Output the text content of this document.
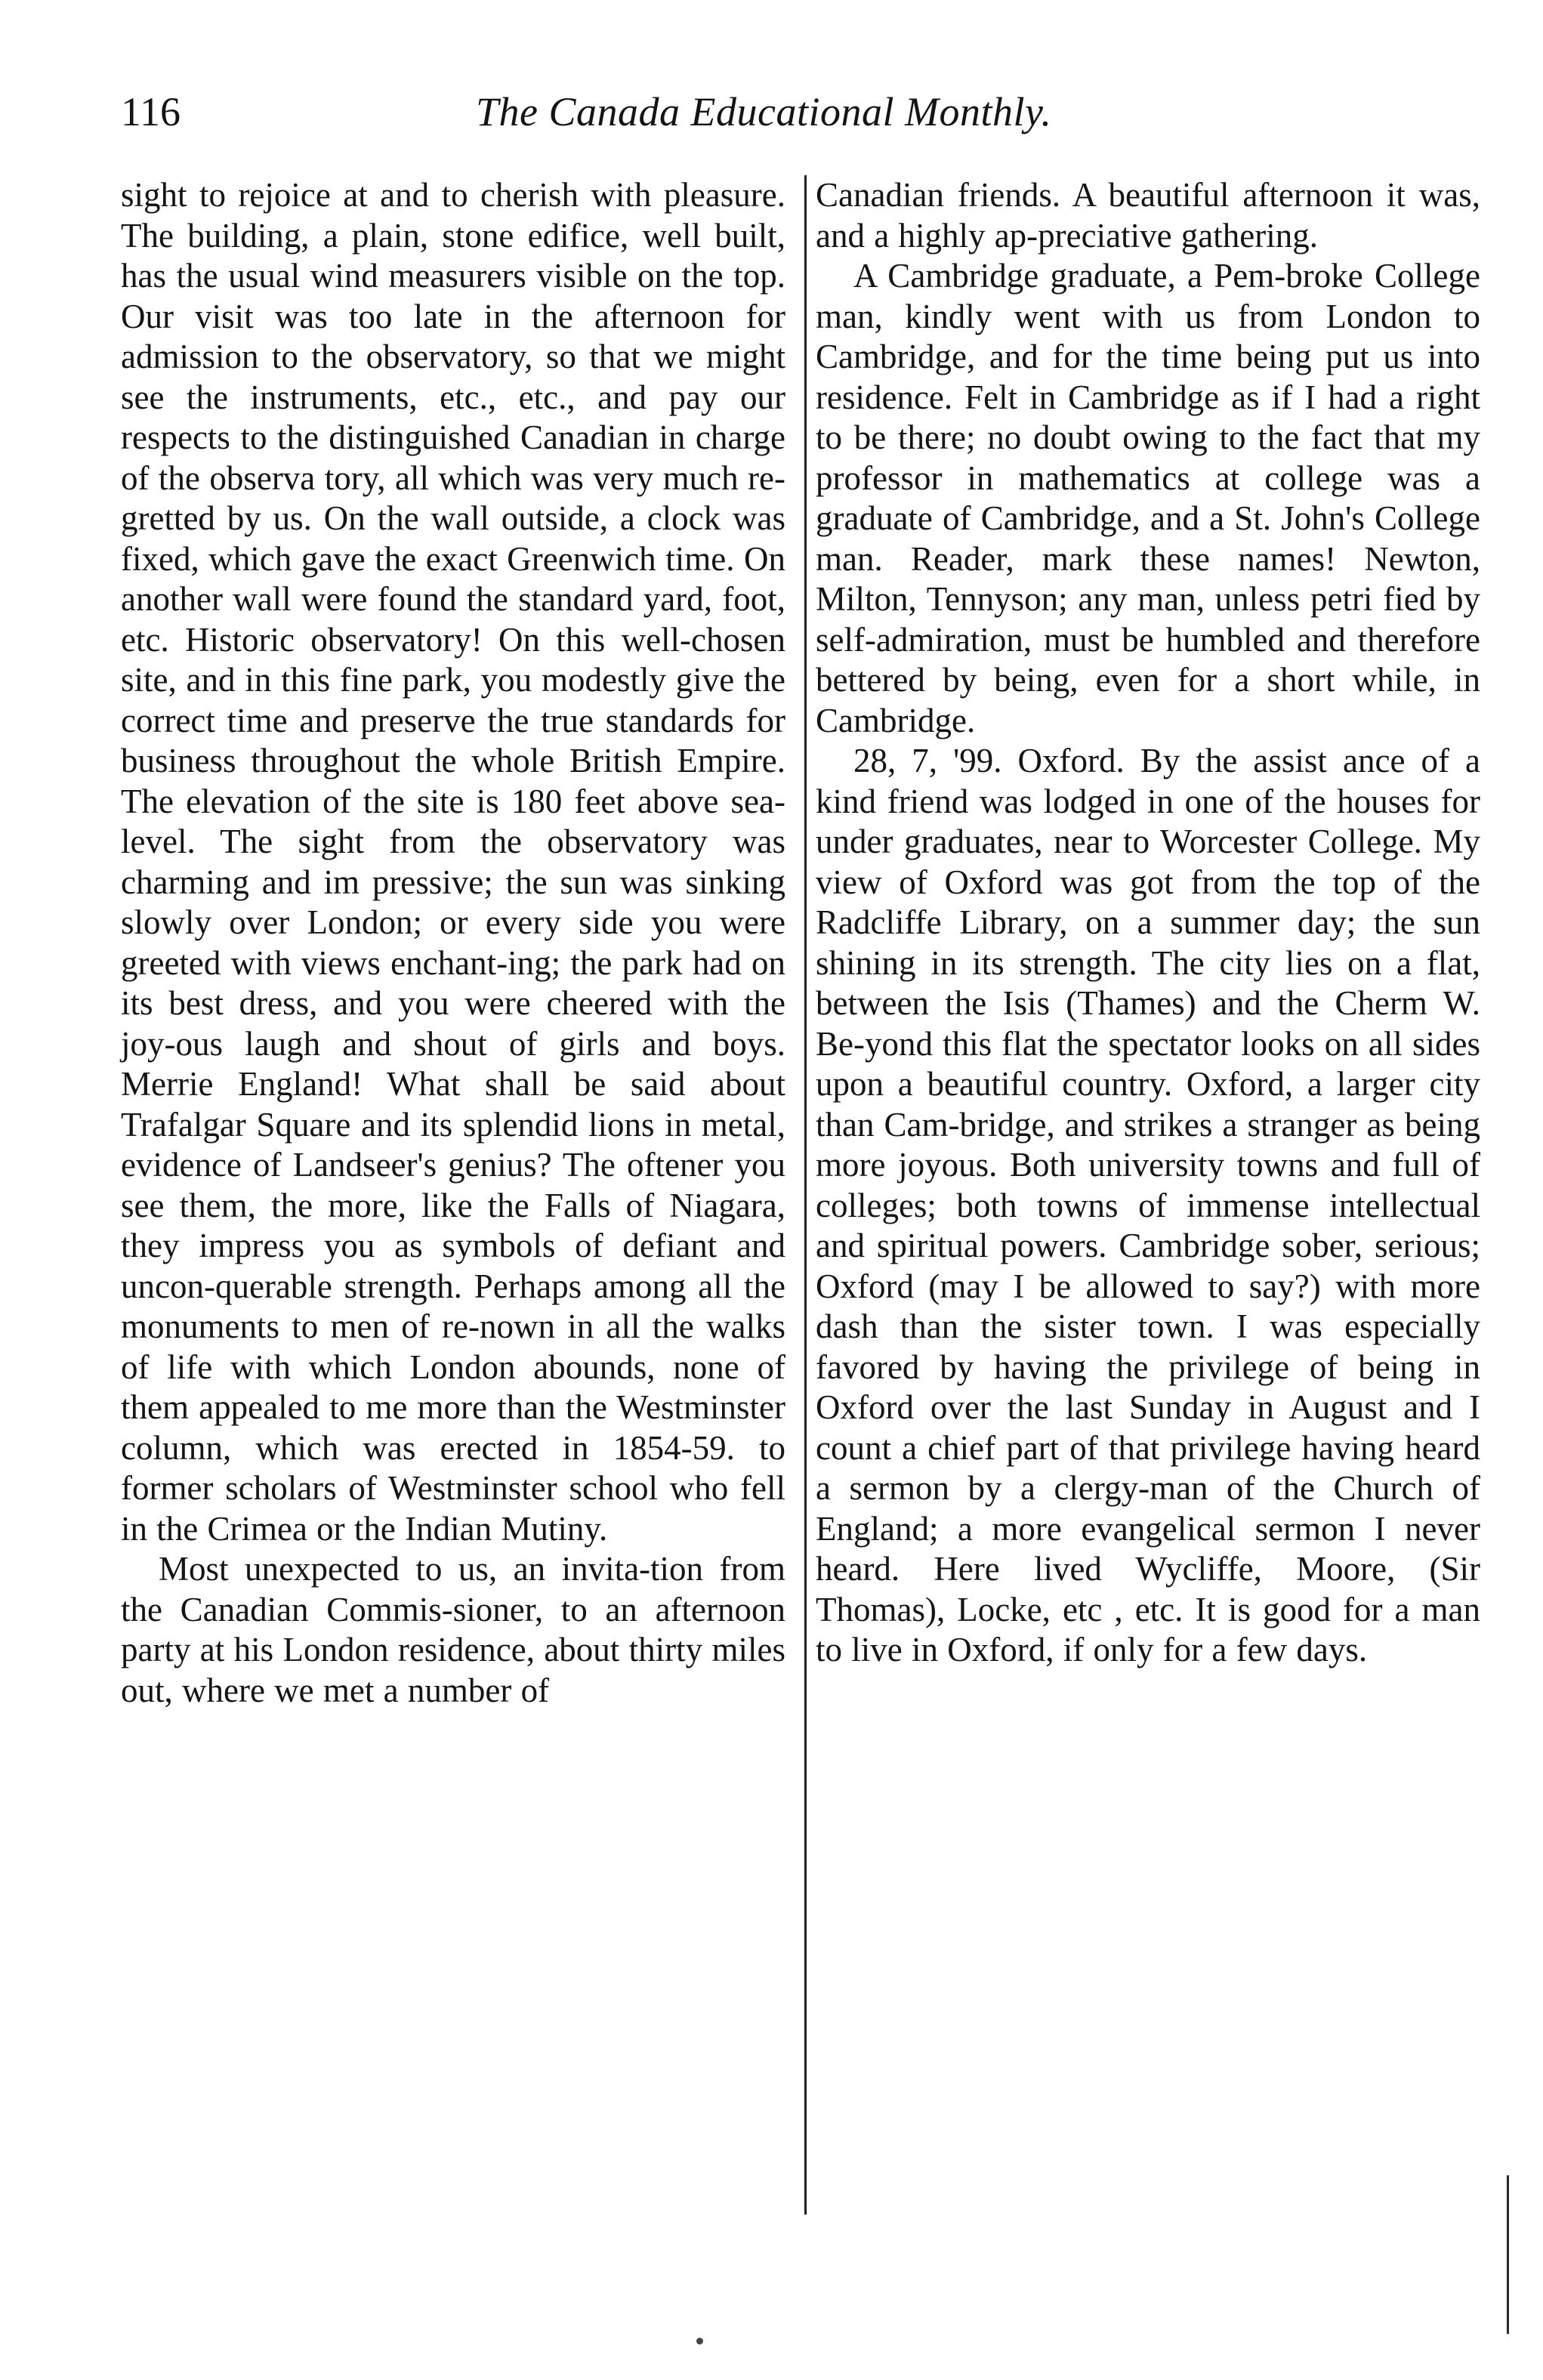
116	The Canada Educational Monthly.

sight to rejoice at and to cherish with pleasure. The building, a plain, stone edifice, well built, has the usual wind measurers visible on the top. Our visit was too late in the afternoon for admission to the observatory, so that we might see the instruments, etc., etc., and pay our respects to the distinguished Canadian in charge of the observa tory, all which was very much re-gretted by us. On the wall outside, a clock was fixed, which gave the exact Greenwich time. On another wall were found the standard yard, foot, etc. Historic observatory! On this well-chosen site, and in this fine park, you modestly give the correct time and preserve the true standards for business throughout the whole British Empire. The elevation of the site is 180 feet above sea-level. The sight from the observatory was charming and im pressive; the sun was sinking slowly over London; or every side you were greeted with views enchant-ing; the park had on its best dress, and you were cheered with the joy-ous laugh and shout of girls and boys. Merrie England! What shall be said about Trafalgar Square and its splendid lions in metal, evidence of Landseer's genius? The oftener you see them, the more, like the Falls of Niagara, they impress you as symbols of defiant and uncon-querable strength. Perhaps among all the monuments to men of re-nown in all the walks of life with which London abounds, none of them appealed to me more than the Westminster column, which was erected in 1854-59. to former scholars of Westminster school who fell in the Crimea or the Indian Mutiny.

Most unexpected to us, an invita-tion from the Canadian Commis-sioner, to an afternoon party at his London residence, about thirty miles out, where we met a number of

Canadian friends. A beautiful afternoon it was, and a highly ap-preciative gathering.

A Cambridge graduate, a Pem-broke College man, kindly went with us from London to Cambridge, and for the time being put us into residence. Felt in Cambridge as if I had a right to be there; no doubt owing to the fact that my professor in mathematics at college was a graduate of Cambridge, and a St. John's College man. Reader, mark these names! Newton, Milton, Tennyson; any man, unless petri fied by self-admiration, must be humbled and therefore bettered by being, even for a short while, in Cambridge.

28, 7, '99. Oxford. By the assist ance of a kind friend was lodged in one of the houses for under graduates, near to Worcester College. My view of Oxford was got from the top of the Radcliffe Library, on a summer day; the sun shining in its strength. The city lies on a flat, between the Isis (Thames) and the Cherm W. Be-yond this flat the spectator looks on all sides upon a beautiful country. Oxford, a larger city than Cam-bridge, and strikes a stranger as being more joyous. Both university towns and full of colleges; both towns of immense intellectual and spiritual powers. Cambridge sober, serious; Oxford (may I be allowed to say?) with more dash than the sister town. I was especially favored by having the privilege of being in Oxford over the last Sunday in August and I count a chief part of that privilege having heard a sermon by a clergy-man of the Church of England; a more evangelical sermon I never heard. Here lived Wycliffe, Moore, (Sir Thomas), Locke, etc , etc. It is good for a man to live in Oxford, if only for a few days.
